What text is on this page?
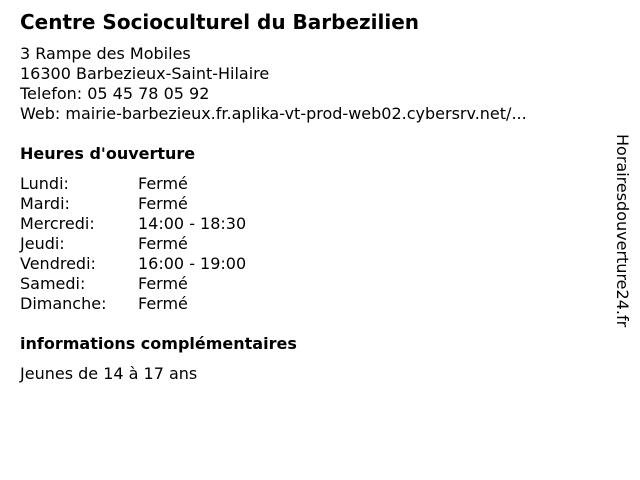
Centre Socioculturel du Barbezilien
3 Rampe des Mobiles
16300 Barbezieux-Saint-Hilaire
Telefon: 05 45 78 05 92
Web: mairie-barbezieux.fr.aplika-vt-prod-web02.cybersrv.net/...
Heures d'ouverture
Lundi:	Fermé
Mardi:	Fermé
Mercredi:	14:00 - 18:30
Jeudi:	Fermé
Vendredi:	16:00 - 19:00
Samedi:	Fermé
Dimanche: Fermé
informations complémentaires
Jeunes de 14 à 17 ans
Horairesdouverture24.fr
